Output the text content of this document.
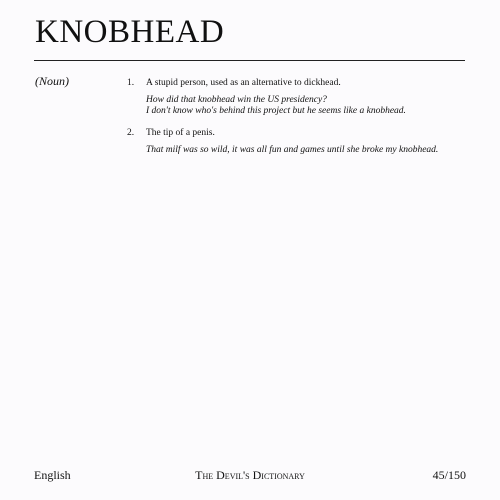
KNOBHEAD
(Noun)	1. A stupid person, used as an alternative to dickhead.

How did that knobhead win the US presidency?

I don't know who's behind this project but he seems like a knobhead.

2. The tip of a penis.

That milf was so wild, it was all fun and games until she broke my knobhead.

English	The Devil's Dictionary	45/150
